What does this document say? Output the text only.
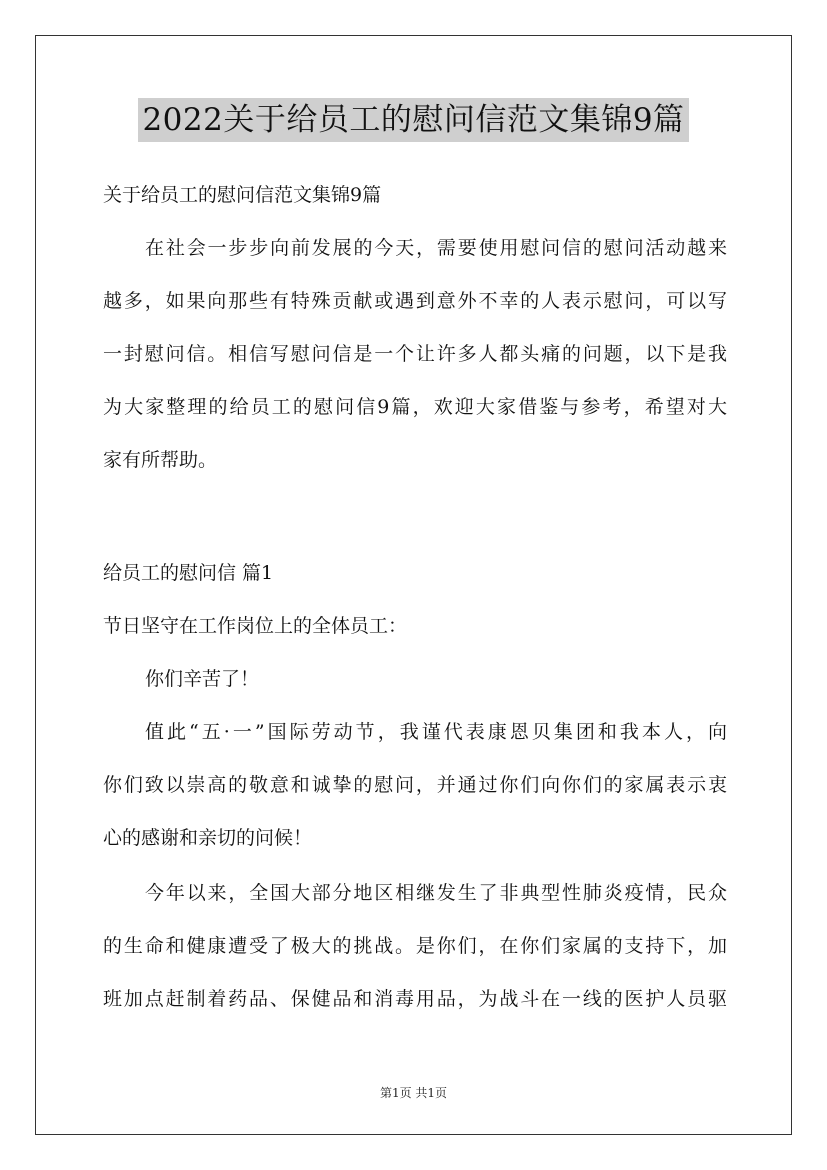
2022关于给员工的慰问信范文集锦9篇
关于给员工的慰问信范文集锦9篇
在社会一步步向前发展的今天，需要使用慰问信的慰问活动越来
越多，如果向那些有特殊贡献或遇到意外不幸的人表示慰问，可以写
一封慰问信。相信写慰问信是一个让许多人都头痛的问题，以下是我
为大家整理的给员工的慰问信9篇，欢迎大家借鉴与参考，希望对大
家有所帮助。
给员工的慰问信 篇1
节日坚守在工作岗位上的全体员工：
你们辛苦了！
值此“五·一”国际劳动节，我谨代表康恩贝集团和我本人，向
你们致以崇高的敬意和诚挚的慰问，并通过你们向你们的家属表示衷
心的感谢和亲切的问候！
今年以来，全国大部分地区相继发生了非典型性肺炎疫情，民众
的生命和健康遭受了极大的挑战。是你们，在你们家属的支持下，加
班加点赶制着药品、保健品和消毒用品，为战斗在一线的医护人员驱
第1页 共1页
